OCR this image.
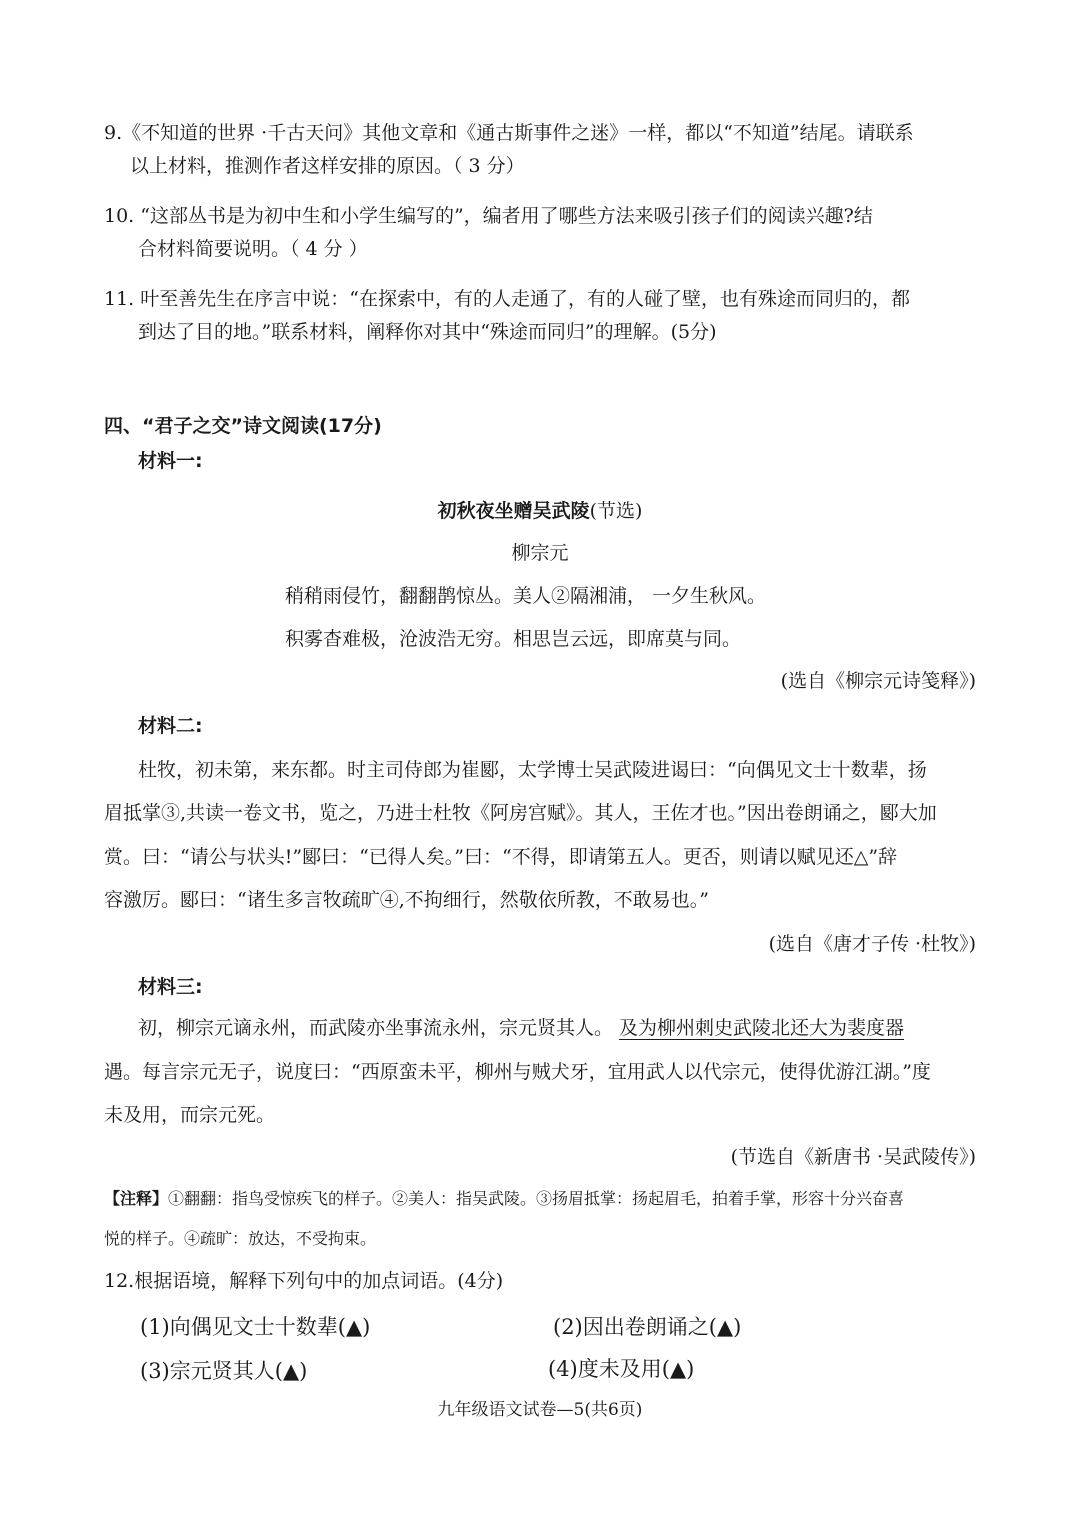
9.《不知道的世界 ·千古天问》其他文章和《通古斯事件之迷》一样，都以“不知道”结尾。请联系
以上材料，推测作者这样安排的原因。（ 3 分）
10. “这部丛书是为初中生和小学生编写的”，编者用了哪些方法来吸引孩子们的阅读兴趣?结
合材料简要说明。（ 4 分 ）
11. 叶至善先生在序言中说：“在探索中，有的人走通了，有的人碰了壁，也有殊途而同归的，都
到达了目的地。”联系材料，阐释你对其中“殊途而同归”的理解。(5分)
四、“君子之交”诗文阅读(17分)
材料一:
初秋夜坐赠吴武陵(节选)
柳宗元
稍稍雨侵竹，翻翻鹊惊丛。美人②隔湘浦， 一夕生秋风。
积雾杳难极，沧波浩无穷。相思岂云远，即席莫与同。
(选自《柳宗元诗笺释》)
材料二:
杜牧，初未第，来东都。时主司侍郎为崔郾，太学博士吴武陵进谒曰：“向偶见文士十数辈，扬
眉抵掌③,共读一卷文书，览之，乃进士杜牧《阿房宫赋》。其人，王佐才也。”因出卷朗诵之，郾大加
赏。曰：“请公与状头!”郾曰：“已得人矣。”曰：“不得，即请第五人。更否，则请以赋见还△”辞
容激厉。郾曰：“诸生多言牧疏旷④,不拘细行，然敬依所教，不敢易也。”
(选自《唐才子传 ·杜牧》)
材料三:
初，柳宗元谪永州，而武陵亦坐事流永州，宗元贤其人。 及为柳州刺史武陵北还大为裴度器
遇。每言宗元无子，说度曰：“西原蛮未平，柳州与贼犬牙，宜用武人以代宗元，使得优游江湖。”度
未及用，而宗元死。
(节选自《新唐书 ·吴武陵传》)
【注释】①翻翻：指鸟受惊疾飞的样子。②美人：指吴武陵。③扬眉抵掌：扬起眉毛，拍着手掌，形容十分兴奋喜
悦的样子。④疏旷：放达，不受拘束。
12.根据语境，解释下列句中的加点词语。(4分)
(1)向偶见文士十数辈(▲)	(2)因出卷朗诵之(▲)
(3)宗元贤其人(▲)	(4)度未及用(▲)
九年级语文试卷—5(共6页)
